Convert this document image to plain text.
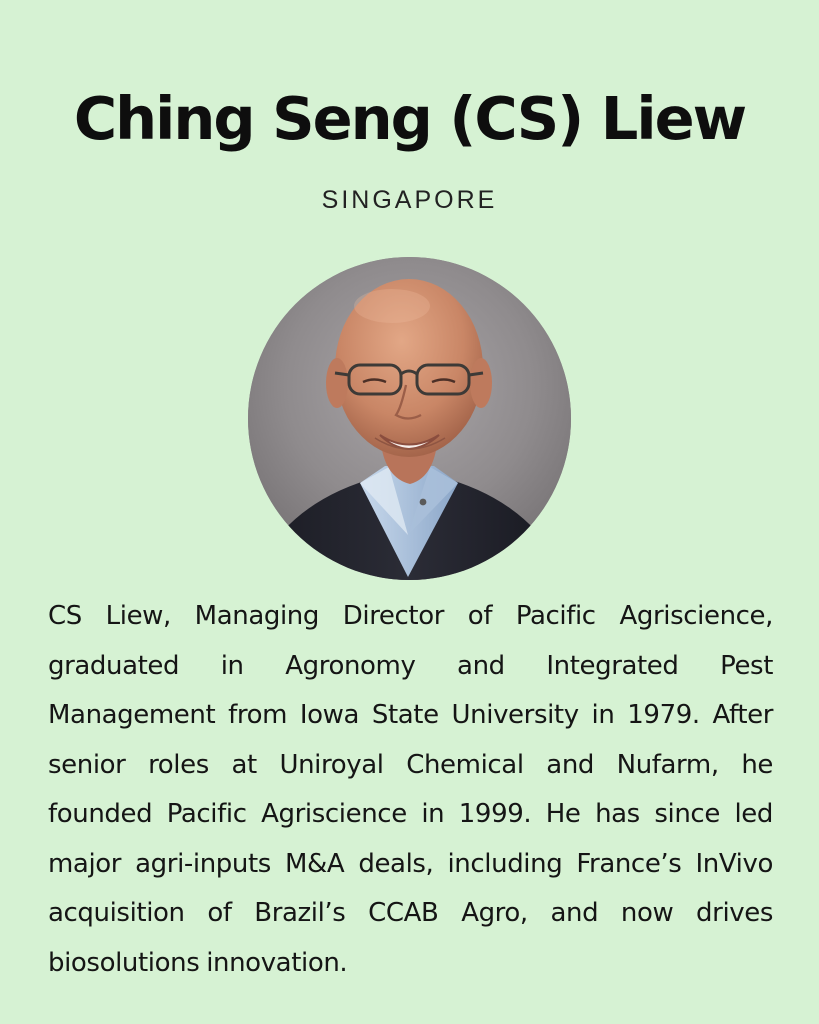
Ching Seng (CS) Liew
SINGAPORE

CS Liew, Managing Director of Pacific Agriscience, graduated in Agronomy and Integrated Pest Management from Iowa State University in 1979. After senior roles at Uniroyal Chemical and Nufarm, he founded Pacific Agriscience in 1999. He has since led major agri-inputs M&A deals, including France’s InVivo acquisition of Brazil’s CCAB Agro, and now drives biosolutions innovation.
